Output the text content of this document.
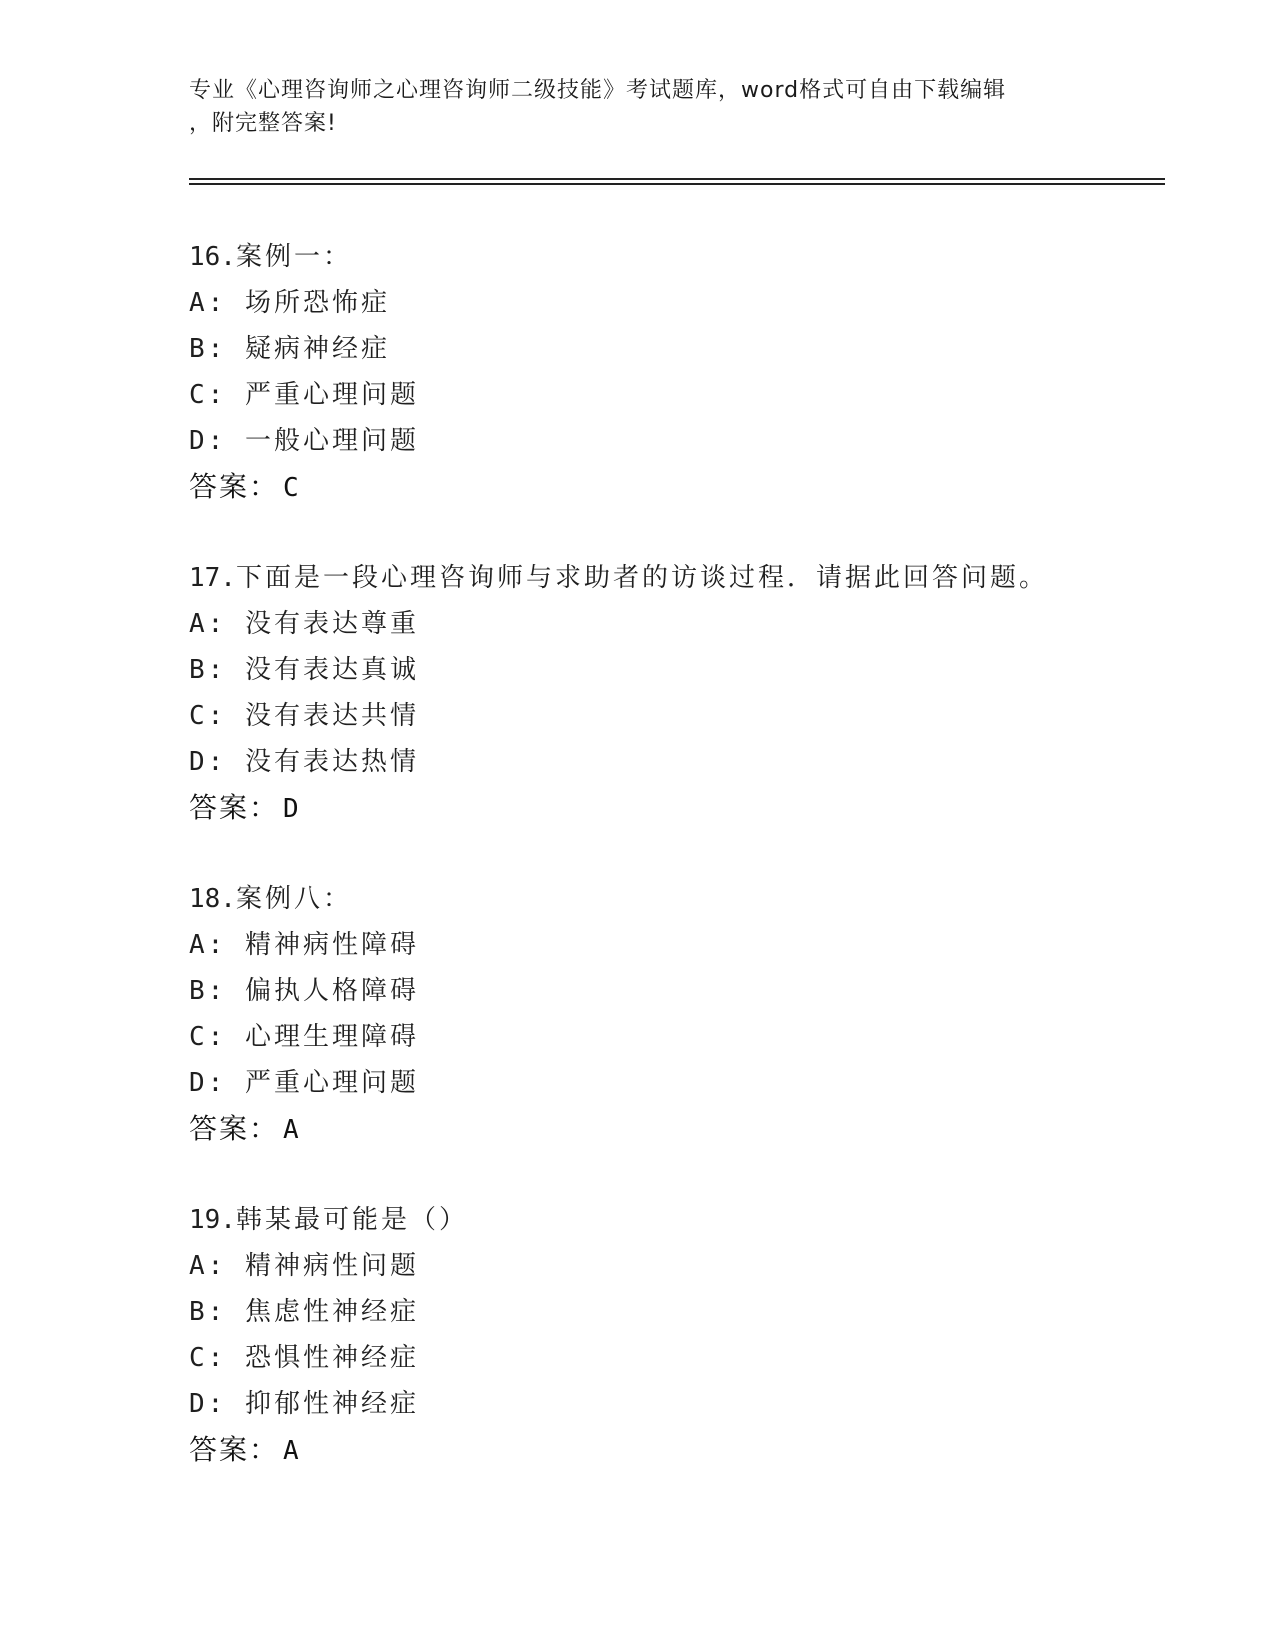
专业《心理咨询师之心理咨询师二级技能》考试题库，word格式可自由下载编辑
，附完整答案!
16.案例一：
A: 场所恐怖症
B: 疑病神经症
C: 严重心理问题
D: 一般心理问题
答案： C
17.下面是一段心理咨询师与求助者的访谈过程．请据此回答问题。
A: 没有表达尊重
B: 没有表达真诚
C: 没有表达共情
D: 没有表达热情
答案： D
18.案例八：
A: 精神病性障碍
B: 偏执人格障碍
C: 心理生理障碍
D: 严重心理问题
答案： A
19.韩某最可能是（）
A: 精神病性问题
B: 焦虑性神经症
C: 恐惧性神经症
D: 抑郁性神经症
答案： A
